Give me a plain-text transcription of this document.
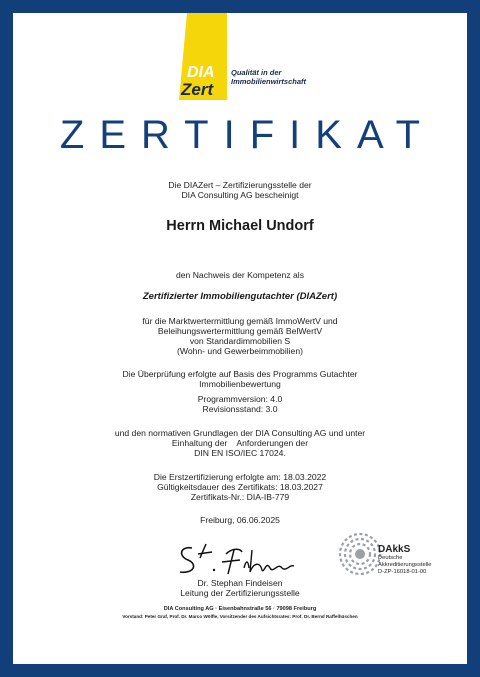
DIA
Zert
Qualität in der
Immobilienwirtschaft
ZERTIFIKAT
Die DIAZert – Zertifizierungsstelle der
DIA Consulting AG bescheinigt
Herrn Michael Undorf
den Nachweis der Kompetenz als
Zertifizierter Immobiliengutachter (DIAZert)
für die Marktwertermittlung gemäß ImmoWertV und
Beleihungswertermittlung gemäß BelWertV
von Standardimmobilien S
(Wohn- und Gewerbeimmobilien)
Die Überprüfung erfolgte auf Basis des Programms Gutachter
Immobilienbewertung
Programmversion: 4.0
Revisionsstand: 3.0
und den normativen Grundlagen der DIA Consulting AG und unter
Einhaltung der    Anforderungen der
DIN EN ISO/IEC 17024.
Die Erstzertifizierung erfolgte am: 18.03.2022
Gültigkeitsdauer des Zertifikats: 18.03.2027
Zertifikats-Nr.: DIA-IB-779
Freiburg, 06.06.2025
Dr. Stephan Findeisen
Leitung der Zertifizierungsstelle
DAkkS
Deutsche
Akkreditierungsstelle
D-ZP-16018-01-00
DIA Consulting AG · Eisenbahnstraße 56 · 79098 Freiburg
Vorstand: Peter Graf, Prof. Dr. Marco Wölfle, Vorsitzender des Aufsichtsrates: Prof. Dr. Bernd Raffelhüschen
